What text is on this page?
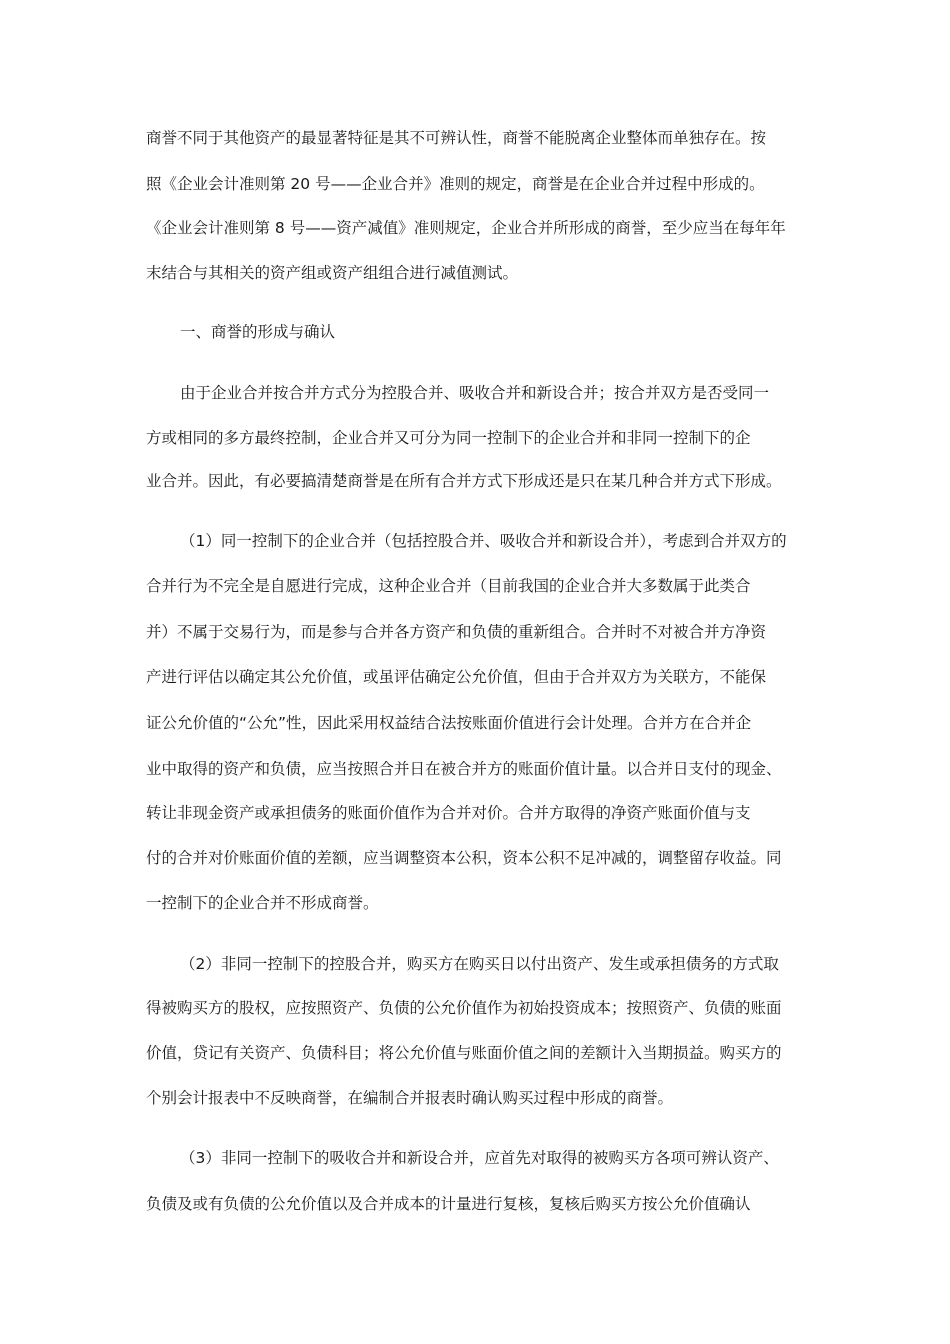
商誉不同于其他资产的最显著特征是其不可辨认性，商誉不能脱离企业整体而单独存在。按
照《企业会计准则第 20 号——企业合并》准则的规定，商誉是在企业合并过程中形成的。
《企业会计准则第 8 号——资产减值》准则规定，企业合并所形成的商誉，至少应当在每年年
末结合与其相关的资产组或资产组组合进行减值测试。
一、商誉的形成与确认
由于企业合并按合并方式分为控股合并、吸收合并和新设合并；按合并双方是否受同一
方或相同的多方最终控制，企业合并又可分为同一控制下的企业合并和非同一控制下的企
业合并。因此，有必要搞清楚商誉是在所有合并方式下形成还是只在某几种合并方式下形成。
（1）同一控制下的企业合并（包括控股合并、吸收合并和新设合并），考虑到合并双方的
合并行为不完全是自愿进行完成，这种企业合并（目前我国的企业合并大多数属于此类合
并）不属于交易行为，而是参与合并各方资产和负债的重新组合。合并时不对被合并方净资
产进行评估以确定其公允价值，或虽评估确定公允价值，但由于合并双方为关联方，不能保
证公允价值的“公允”性，因此采用权益结合法按账面价值进行会计处理。合并方在合并企
业中取得的资产和负债，应当按照合并日在被合并方的账面价值计量。以合并日支付的现金、
转让非现金资产或承担债务的账面价值作为合并对价。合并方取得的净资产账面价值与支
付的合并对价账面价值的差额，应当调整资本公积，资本公积不足冲减的，调整留存收益。同
一控制下的企业合并不形成商誉。
（2）非同一控制下的控股合并，购买方在购买日以付出资产、发生或承担债务的方式取
得被购买方的股权，应按照资产、负债的公允价值作为初始投资成本；按照资产、负债的账面
价值，贷记有关资产、负债科目；将公允价值与账面价值之间的差额计入当期损益。购买方的
个别会计报表中不反映商誉，在编制合并报表时确认购买过程中形成的商誉。
（3）非同一控制下的吸收合并和新设合并，应首先对取得的被购买方各项可辨认资产、
负债及或有负债的公允价值以及合并成本的计量进行复核，复核后购买方按公允价值确认
